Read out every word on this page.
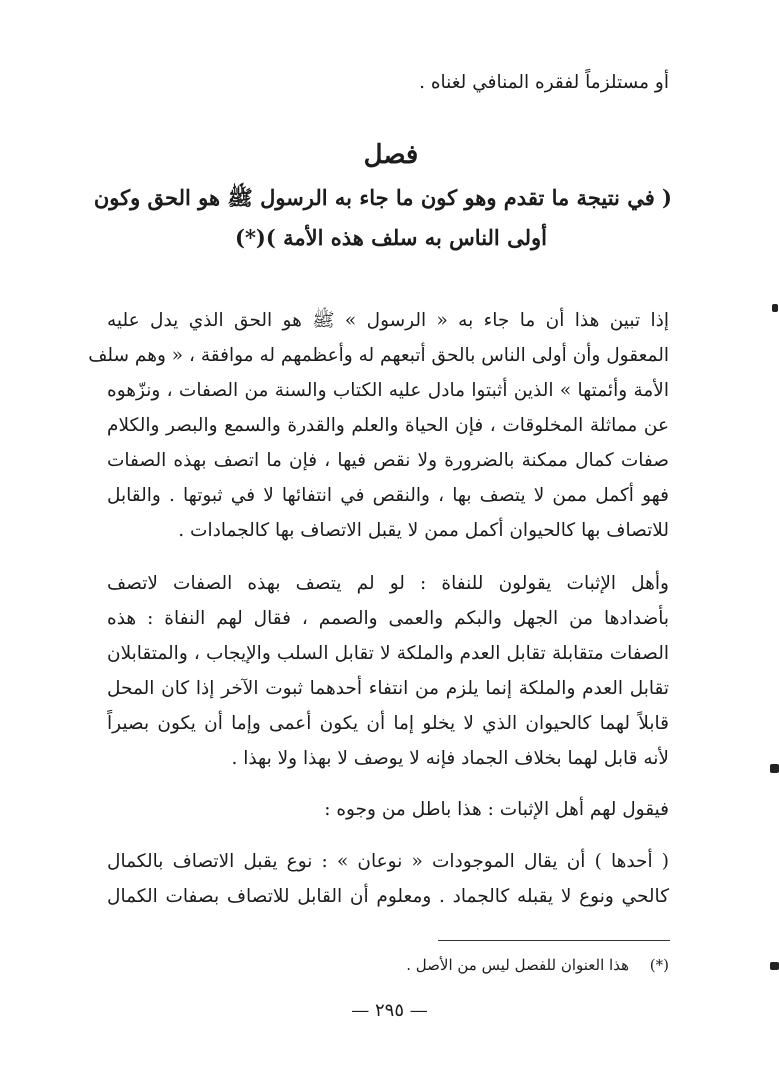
أو مستلزماً لفقره المنافي لغناه .
فصل
( في نتيجة ما تقدم وهو كون ما جاء به الرسول ﷺ هو الحق وكون
أولى الناس به سلف هذه الأمة )(*)
إذا تبين هذا أن ما جاء به « الرسول » ﷺ هو الحق الذي يدل عليه
المعقول وأن أولى الناس بالحق أتبعهم له وأعظمهم له موافقة ، « وهم سلف
الأمة وأئمتها » الذين أثبتوا مادل عليه الكتاب والسنة من الصفات ، ونزّهوه
عن مماثلة المخلوقات ، فإن الحياة والعلم والقدرة والسمع والبصر والكلام
صفات كمال ممكنة بالضرورة ولا نقص فيها ، فإن ما اتصف بهذه الصفات
فهو أكمل ممن لا يتصف بها ، والنقص في انتفائها لا في ثبوتها . والقابل
للاتصاف بها كالحيوان أكمل ممن لا يقبل الاتصاف بها كالجمادات .
وأهل الإثبات يقولون للنفاة : لو لم يتصف بهذه الصفات لاتصف
بأضدادها من الجهل والبكم والعمى والصمم ، فقال لهم النفاة : هذه
الصفات متقابلة تقابل العدم والملكة لا تقابل السلب والإيجاب ، والمتقابلان
تقابل العدم والملكة إنما يلزم من انتفاء أحدهما ثبوت الآخر إذا كان المحل
قابلاً لهما كالحيوان الذي لا يخلو إما أن يكون أعمى وإما أن يكون بصيراً
لأنه قابل لهما بخلاف الجماد فإنه لا يوصف لا بهذا ولا بهذا .
فيقول لهم أهل الإثبات : هذا باطل من وجوه :
( أحدها ) أن يقال الموجودات « نوعان » : نوع يقبل الاتصاف بالكمال
كالحي ونوع لا يقبله كالجماد . ومعلوم أن القابل للاتصاف بصفات الكمال
(*) هذا العنوان للفصل ليس من الأصل .
— ٢٩٥ —
